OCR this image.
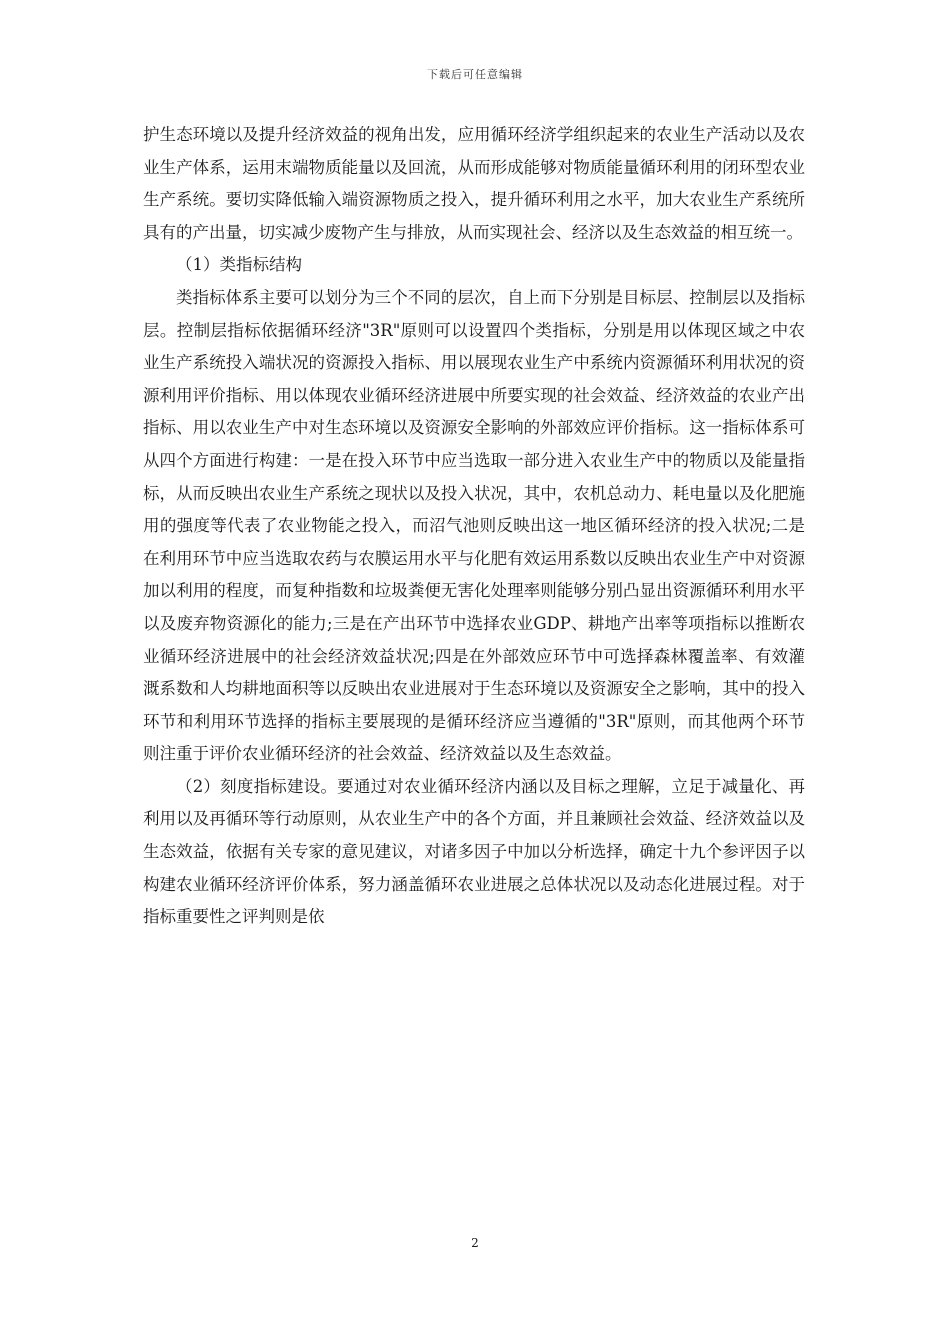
下载后可任意编辑

护生态环境以及提升经济效益的视角出发，应用循环经济学组织起来的农业生产活动以及农业生产体系，运用末端物质能量以及回流，从而形成能够对物质能量循环利用的闭环型农业生产系统。要切实降低输入端资源物质之投入，提升循环利用之水平，加大农业生产系统所具有的产出量，切实减少废物产生与排放，从而实现社会、经济以及生态效益的相互统一。

（1）类指标结构

类指标体系主要可以划分为三个不同的层次，自上而下分别是目标层、控制层以及指标层。控制层指标依据循环经济"3R"原则可以设置四个类指标，分别是用以体现区域之中农业生产系统投入端状况的资源投入指标、用以展现农业生产中系统内资源循环利用状况的资源利用评价指标、用以体现农业循环经济进展中所要实现的社会效益、经济效益的农业产出指标、用以农业生产中对生态环境以及资源安全影响的外部效应评价指标。这一指标体系可从四个方面进行构建：一是在投入环节中应当选取一部分进入农业生产中的物质以及能量指标，从而反映出农业生产系统之现状以及投入状况，其中，农机总动力、耗电量以及化肥施用的强度等代表了农业物能之投入，而沼气池则反映出这一地区循环经济的投入状况;二是在利用环节中应当选取农药与农膜运用水平与化肥有效运用系数以反映出农业生产中对资源加以利用的程度，而复种指数和垃圾粪便无害化处理率则能够分别凸显出资源循环利用水平以及废弃物资源化的能力;三是在产出环节中选择农业GDP、耕地产出率等项指标以推断农业循环经济进展中的社会经济效益状况;四是在外部效应环节中可选择森林覆盖率、有效灌溉系数和人均耕地面积等以反映出农业进展对于生态环境以及资源安全之影响，其中的投入环节和利用环节选择的指标主要展现的是循环经济应当遵循的"3R"原则，而其他两个环节则注重于评价农业循环经济的社会效益、经济效益以及生态效益。

（2）刻度指标建设。要通过对农业循环经济内涵以及目标之理解，立足于减量化、再利用以及再循环等行动原则，从农业生产中的各个方面，并且兼顾社会效益、经济效益以及生态效益，依据有关专家的意见建议，对诸多因子中加以分析选择，确定十九个参评因子以构建农业循环经济评价体系，努力涵盖循环农业进展之总体状况以及动态化进展过程。对于指标重要性之评判则是依

2
